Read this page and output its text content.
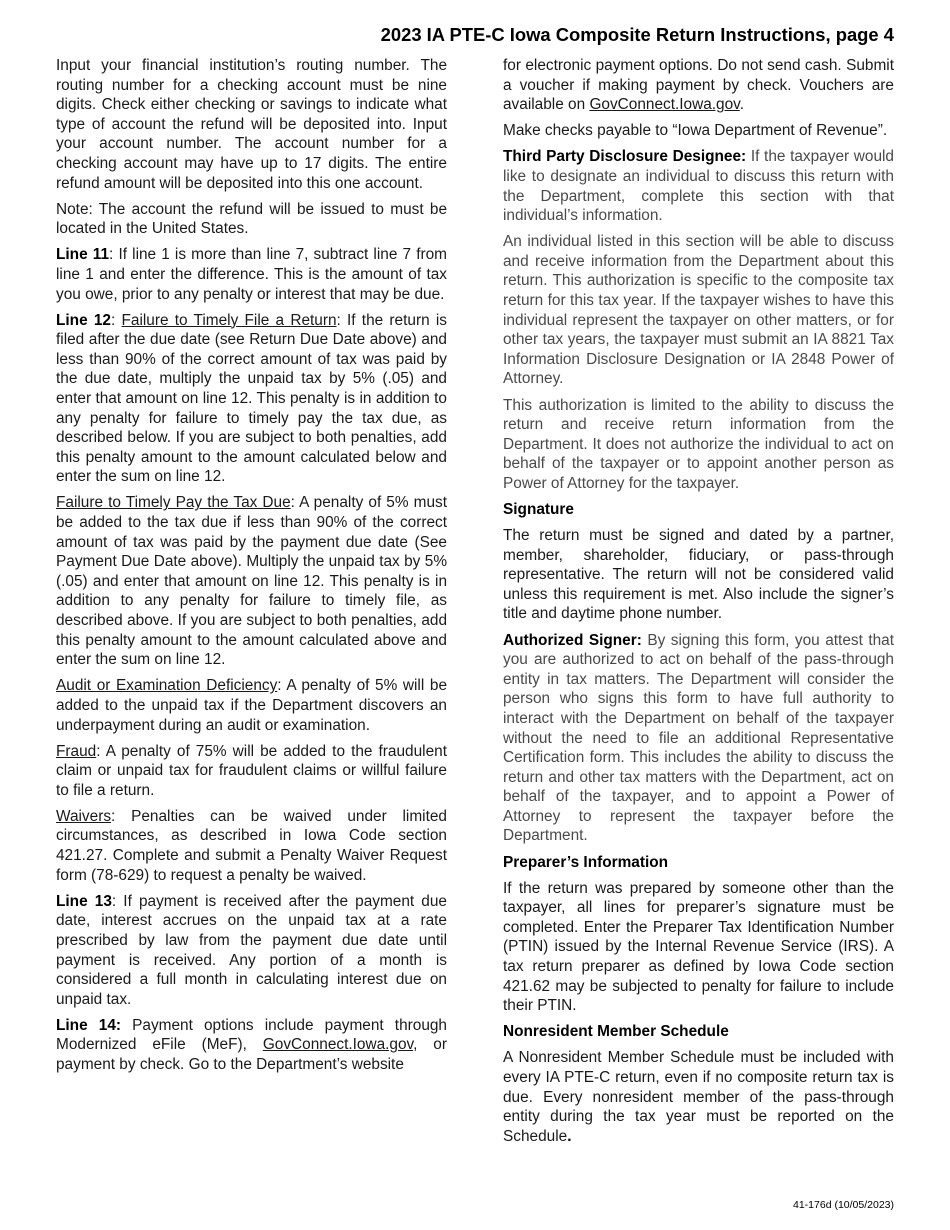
2023 IA PTE-C Iowa Composite Return Instructions, page 4

Input your financial institution’s routing number. The routing number for a checking account must be nine digits. Check either checking or savings to indicate what type of account the refund will be deposited into. Input your account number. The account number for a checking account may have up to 17 digits. The entire refund amount will be deposited into this one account.

Note: The account the refund will be issued to must be located in the United States.

Line 11: If line 1 is more than line 7, subtract line 7 from line 1 and enter the difference. This is the amount of tax you owe, prior to any penalty or interest that may be due.

Line 12: Failure to Timely File a Return: If the return is filed after the due date (see Return Due Date above) and less than 90% of the correct amount of tax was paid by the due date, multiply the unpaid tax by 5% (.05) and enter that amount on line 12. This penalty is in addition to any penalty for failure to timely pay the tax due, as described below. If you are subject to both penalties, add this penalty amount to the amount calculated below and enter the sum on line 12.

Failure to Timely Pay the Tax Due: A penalty of 5% must be added to the tax due if less than 90% of the correct amount of tax was paid by the payment due date (See Payment Due Date above). Multiply the unpaid tax by 5% (.05) and enter that amount on line 12. This penalty is in addition to any penalty for failure to timely file, as described above. If you are subject to both penalties, add this penalty amount to the amount calculated above and enter the sum on line 12.

Audit or Examination Deficiency: A penalty of 5% will be added to the unpaid tax if the Department discovers an underpayment during an audit or examination.

Fraud: A penalty of 75% will be added to the fraudulent claim or unpaid tax for fraudulent claims or willful failure to file a return.

Waivers: Penalties can be waived under limited circumstances, as described in Iowa Code section 421.27. Complete and submit a Penalty Waiver Request form (78-629) to request a penalty be waived.

Line 13: If payment is received after the payment due date, interest accrues on the unpaid tax at a rate prescribed by law from the payment due date until payment is received. Any portion of a month is considered a full month in calculating interest due on unpaid tax.

Line 14: Payment options include payment through Modernized eFile (MeF), GovConnect.Iowa.gov, or payment by check. Go to the Department’s website

for electronic payment options. Do not send cash. Submit a voucher if making payment by check. Vouchers are available on GovConnect.Iowa.gov.

Make checks payable to “Iowa Department of Revenue”.

Third Party Disclosure Designee: If the taxpayer would like to designate an individual to discuss this return with the Department, complete this section with that individual’s information.

An individual listed in this section will be able to discuss and receive information from the Department about this return. This authorization is specific to the composite tax return for this tax year. If the taxpayer wishes to have this individual represent the taxpayer on other matters, or for other tax years, the taxpayer must submit an IA 8821 Tax Information Disclosure Designation or IA 2848 Power of Attorney.

This authorization is limited to the ability to discuss the return and receive return information from the Department. It does not authorize the individual to act on behalf of the taxpayer or to appoint another person as Power of Attorney for the taxpayer.

Signature

The return must be signed and dated by a partner, member, shareholder, fiduciary, or pass-through representative. The return will not be considered valid unless this requirement is met. Also include the signer’s title and daytime phone number.

Authorized Signer: By signing this form, you attest that you are authorized to act on behalf of the pass-through entity in tax matters. The Department will consider the person who signs this form to have full authority to interact with the Department on behalf of the taxpayer without the need to file an additional Representative Certification form. This includes the ability to discuss the return and other tax matters with the Department, act on behalf of the taxpayer, and to appoint a Power of Attorney to represent the taxpayer before the Department.

Preparer’s Information

If the return was prepared by someone other than the taxpayer, all lines for preparer’s signature must be completed. Enter the Preparer Tax Identification Number (PTIN) issued by the Internal Revenue Service (IRS). A tax return preparer as defined by Iowa Code section 421.62 may be subjected to penalty for failure to include their PTIN.

Nonresident Member Schedule

A Nonresident Member Schedule must be included with every IA PTE-C return, even if no composite return tax is due. Every nonresident member of the pass-through entity during the tax year must be reported on the Schedule.

41-176d (10/05/2023)
